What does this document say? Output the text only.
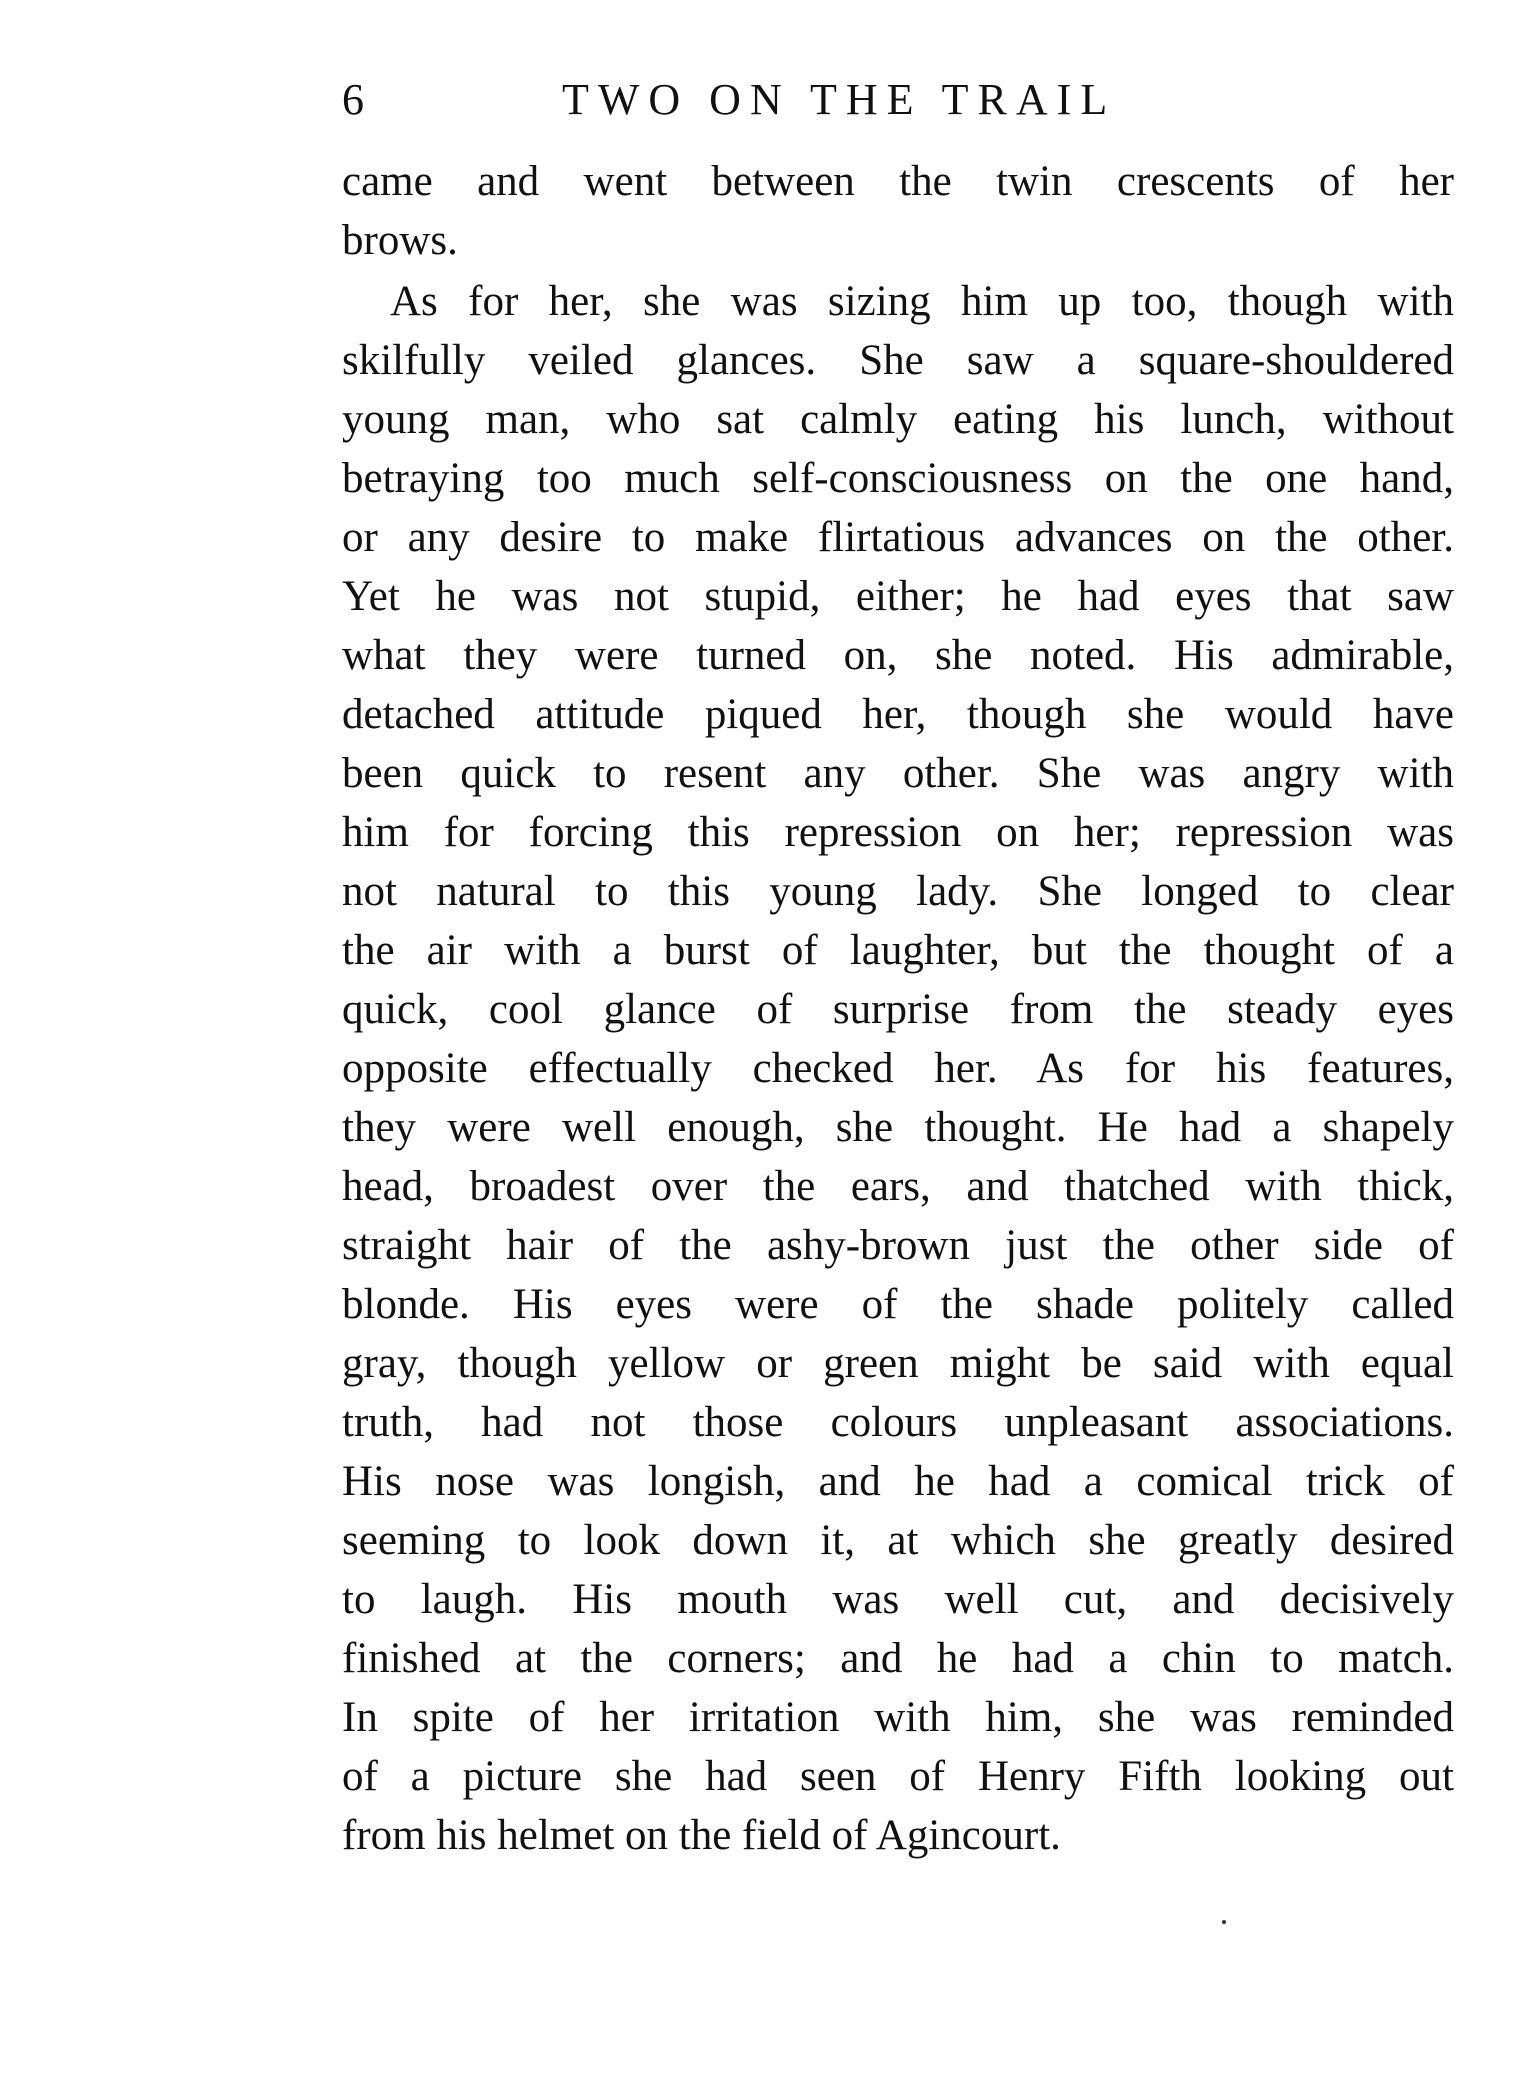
6	TWO ON THE TRAIL
came and went between the twin crescents of her
brows.
As for her, she was sizing him up too, though with
skilfully veiled glances. She saw a square-shouldered
young man, who sat calmly eating his lunch, without
betraying too much self-consciousness on the one hand,
or any desire to make flirtatious advances on the other.
Yet he was not stupid, either; he had eyes that saw
what they were turned on, she noted. His admirable,
detached attitude piqued her, though she would have
been quick to resent any other. She was angry with
him for forcing this repression on her; repression was
not natural to this young lady. She longed to clear
the air with a burst of laughter, but the thought of a
quick, cool glance of surprise from the steady eyes
opposite effectually checked her. As for his features,
they were well enough, she thought. He had a shapely
head, broadest over the ears, and thatched with thick,
straight hair of the ashy-brown just the other side of
blonde. His eyes were of the shade politely called
gray, though yellow or green might be said with equal
truth, had not those colours unpleasant associations.
His nose was longish, and he had a comical trick of
seeming to look down it, at which she greatly desired
to laugh. His mouth was well cut, and decisively
finished at the corners; and he had a chin to match.
In spite of her irritation with him, she was reminded
of a picture she had seen of Henry Fifth looking out
from his helmet on the field of Agincourt.
